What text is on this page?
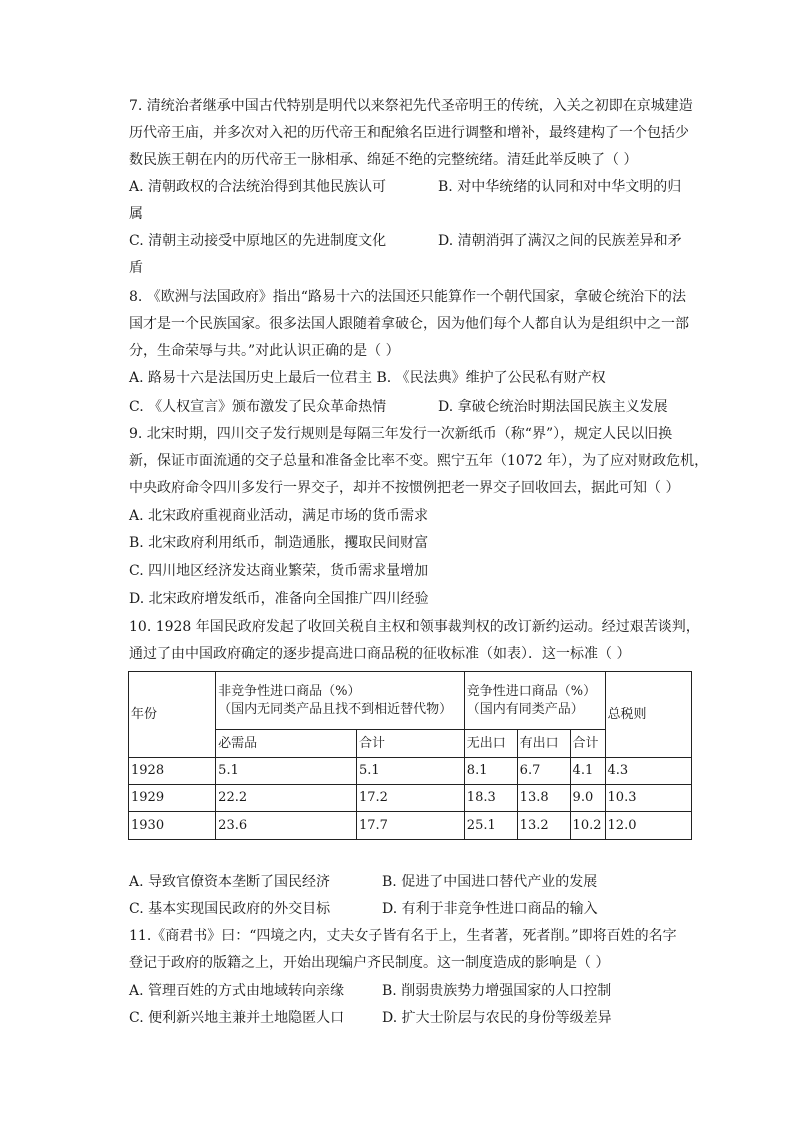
7. 清统治者继承中国古代特别是明代以来祭祀先代圣帝明王的传统，入关之初即在京城建造
历代帝王庙，并多次对入祀的历代帝王和配飨名臣进行调整和增补，最终建构了一个包括少
数民族王朝在内的历代帝王一脉相承、绵延不绝的完整统绪。清廷此举反映了（ ）
A. 清朝政权的合法统治得到其他民族认可	B. 对中华统绪的认同和对中华文明的归
属
C. 清朝主动接受中原地区的先进制度文化	D. 清朝消弭了满汉之间的民族差异和矛
盾
8. 《欧洲与法国政府》指出“路易十六的法国还只能算作一个朝代国家，拿破仑统治下的法
国才是一个民族国家。很多法国人跟随着拿破仑，因为他们每个人都自认为是组织中之一部
分，生命荣辱与共。”对此认识正确的是（ ）
A. 路易十六是法国历史上最后一位君主 B. 《民法典》维护了公民私有财产权
C. 《人权宣言》颁布激发了民众革命热情	D. 拿破仑统治时期法国民族主义发展
9. 北宋时期，四川交子发行规则是每隔三年发行一次新纸币（称“界”），规定人民以旧换
新，保证市面流通的交子总量和准备金比率不变。熙宁五年（1072 年），为了应对财政危机，
中央政府命令四川多发行一界交子，却并不按惯例把老一界交子回收回去，据此可知（ ）
A. 北宋政府重视商业活动，满足市场的货币需求
B. 北宋政府利用纸币，制造通胀，攫取民间财富
C. 四川地区经济发达商业繁荣，货币需求量增加
D. 北宋政府增发纸币，准备向全国推广四川经验
10. 1928 年国民政府发起了收回关税自主权和领事裁判权的改订新约运动。经过艰苦谈判，
通过了由中国政府确定的逐步提高进口商品税的征收标准（如表）．这一标准（ ）
年份	非竞争性进口商品（%）
（国内无同类产品且找不到相近替代物）		竞争性进口商品（%）
（国内有同类产品）			总税则
	必需品	合计	无出口	有出口	合计	
1928	5.1	5.1	8.1	6.7	4.1	4.3
1929	22.2	17.2	18.3	13.8	9.0	10.3
1930	23.6	17.7	25.1	13.2	10.2	12.0
A. 导致官僚资本垄断了国民经济	B. 促进了中国进口替代产业的发展
C. 基本实现国民政府的外交目标	D. 有利于非竞争性进口商品的输入
11.《商君书》曰：“四境之内，丈夫女子皆有名于上，生者著，死者削。”即将百姓的名字
登记于政府的版籍之上，开始出现编户齐民制度。这一制度造成的影响是（ ）
A. 管理百姓的方式由地域转向亲缘	B. 削弱贵族势力增强国家的人口控制
C. 便利新兴地主兼并土地隐匿人口	D. 扩大士阶层与农民的身份等级差异
